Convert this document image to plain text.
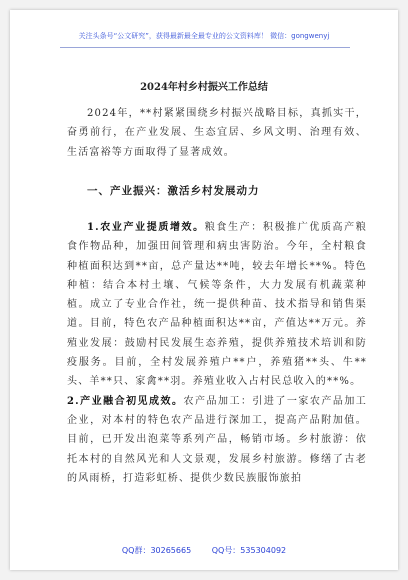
关注头条号“公文研究”，获得最新最全最专业的公文资料库！ 微信：gongwenyj
2024年村乡村振兴工作总结
2024年，**村紧紧围绕乡村振兴战略目标，真抓实干，奋勇前行，在产业发展、生态宜居、乡风文明、治理有效、生活富裕等方面取得了显著成效。
一、产业振兴：激活乡村发展动力

1.农业产业提质增效。粮食生产：积极推广优质高产粮食作物品种，加强田间管理和病虫害防治。今年，全村粮食种植面积达到**亩，总产量达**吨，较去年增长**%。特色种植：结合本村土壤、气候等条件，大力发展有机蔬菜种植。成立了专业合作社，统一提供种苗、技术指导和销售渠道。目前，特色农产品种植面积达**亩，产值达**万元。养殖业发展：鼓励村民发展生态养殖，提供养殖技术培训和防疫服务。目前，全村发展养殖户**户，养殖猪**头、牛**头、羊**只、家禽**羽。养殖业收入占村民总收入的**%。

2.产业融合初见成效。农产品加工：引进了一家农产品加工企业，对本村的特色农产品进行深加工，提高产品附加值。目前，已开发出泡菜等系列产品，畅销市场。乡村旅游：依托本村的自然风光和人文景观，发展乡村旅游。修缮了古老的风雨桥，打造彩虹桥、提供少数民族服饰旅拍

QQ群：30265665	QQ号：535304092
